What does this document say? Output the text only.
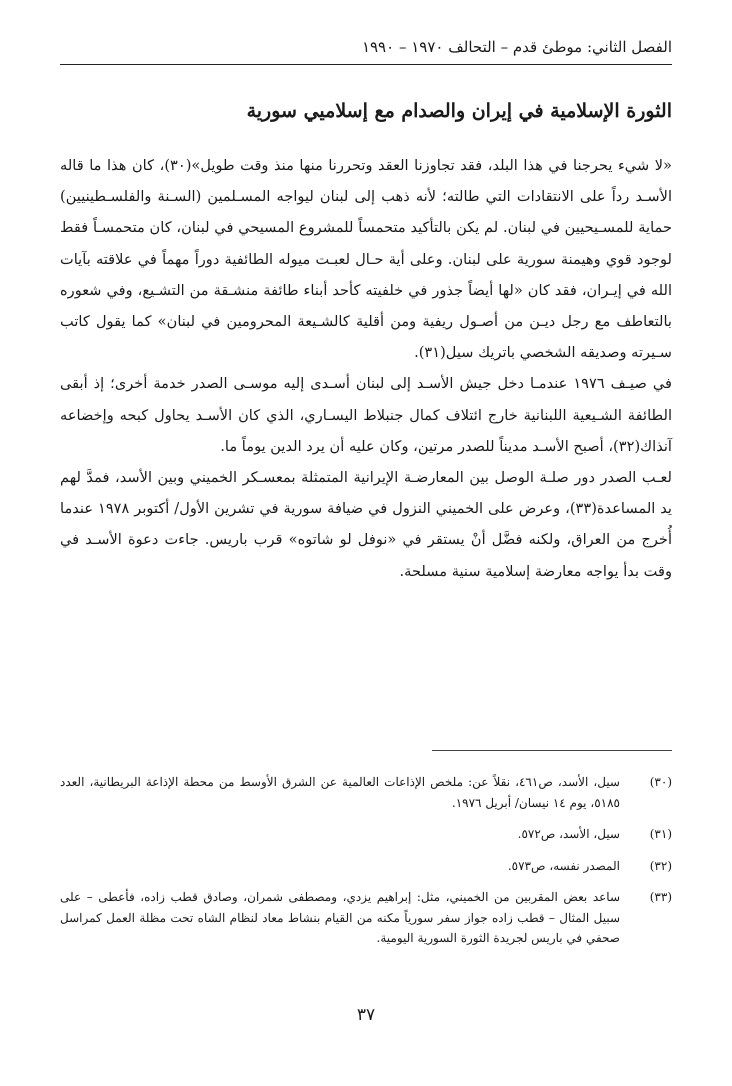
الفصل الثاني: موطئ قدم – التحالف ١٩٧٠ – ١٩٩٠
الثورة الإسلامية في إيران والصدام مع إسلاميي سورية

«لا شيء يحرجنا في هذا البلد، فقد تجاوزنا العقد وتحررنا منها منذ وقت طويل»(٣٠)، كان هذا ما قاله الأسـد رداً على الانتقادات التي طالته؛ لأنه ذهب إلى لبنان ليواجه المسـلمين (السـنة والفلسـطينيين) حماية للمسـيحيين في لبنان. لم يكن بالتأكيد متحمساً للمشروع المسيحي في لبنان، كان متحمسـاً فقط لوجود قوي وهيمنة سورية على لبنان. وعلى أية حـال لعبـت ميوله الطائفية دوراً مهماً في علاقته بآيات الله في إيـران، فقد كان «لها أيضاً جذور في خلفيته كأحد أبناء طائفة منشـقة من التشـيع، وفي شعوره بالتعاطف مع رجل ديـن من أصـول ريفية ومن أقلية كالشـيعة المحرومين في لبنان» كما يقول كاتب سـيرته وصديقه الشخصي باتريك سيل(٣١).

في صيـف ١٩٧٦ عندمـا دخل جيش الأسـد إلى لبنان أسـدى إليه موسـى الصدر خدمة أخرى؛ إذ أبقى الطائفة الشـيعية اللبنانية خارج ائتلاف كمال جنبلاط اليسـاري، الذي كان الأسـد يحاول كبحه وإخضاعه آنذاك(٣٢)، أصبح الأسـد مديناً للصدر مرتين، وكان عليه أن يرد الدين يوماً ما.

لعـب الصدر دور صلـة الوصل بين المعارضـة الإيرانية المتمثلة بمعسـكر الخميني وبين الأسد، فمدَّ لهم يد المساعدة(٣٣)، وعرض على الخميني النزول في ضيافة سورية في تشرين الأول/ أكتوبر ١٩٧٨ عندما أُخرج من العراق، ولكنه فضَّل أنْ يستقر في «نوفل لو شاتوه» قرب باريس. جاءت دعوة الأسـد في وقت بدأ يواجه معارضة إسلامية سنية مسلحة.

(٣٠)
سيل، الأسد، ص٤٦١، نقلاً عن: ملخص الإذاعات العالمية عن الشرق الأوسط من محطة الإذاعة البريطانية، العدد ٥١٨٥، يوم ١٤ نيسان/ أبريل ١٩٧٦.
(٣١)
سيل، الأسد، ص٥٧٢.
(٣٢)
المصدر نفسه، ص٥٧٣.
(٣٣)
ساعد بعض المقربين من الخميني، مثل: إبراهيم يزدي، ومصطفى شمران، وصادق قطب زاده، فأعطى – على سبيل المثال – قطب زاده جواز سفر سورياً مكنه من القيام بنشاط معاد لنظام الشاه تحت مظلة العمل كمراسل صحفي في باريس لجريدة الثورة السورية اليومية.
٣٧
